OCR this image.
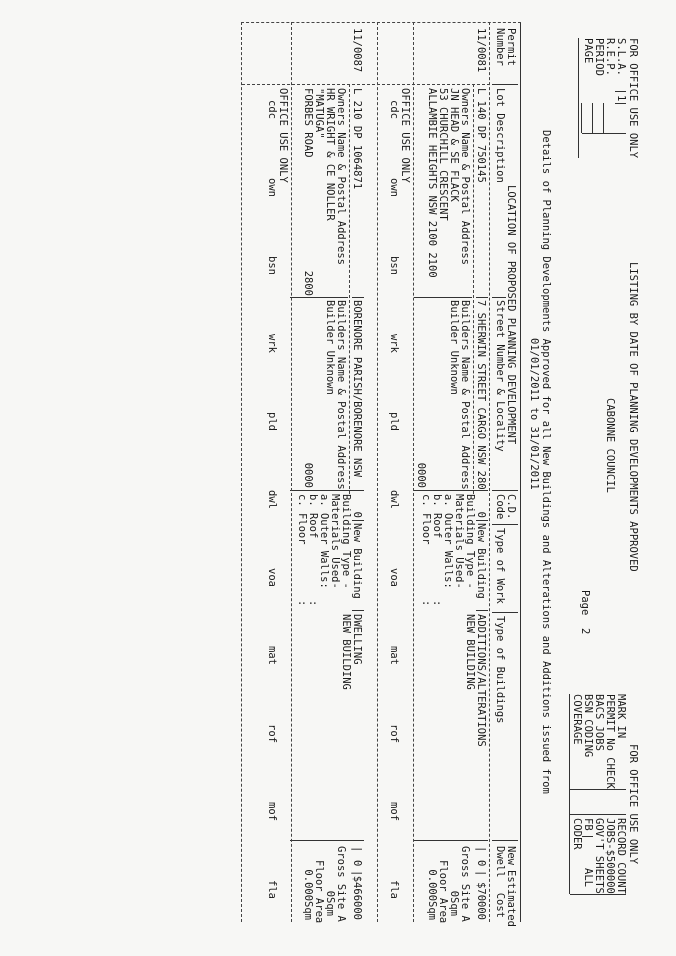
FOR OFFICE USE ONLY
S.L.A.
R.E.P.
PERIOD
PAGE
1
LISTING BY DATE OF PLANNING DEVELOPMENTS APPROVED
CABONNE COUNCIL
Page
2
Details of Planning Developments Approved for all New Buildings and Alterations and Additions issued from
01/01/2011 to 31/01/2011
FOR OFFICE USE ONLY
MARK IN
PERMIT No CHECK
BACS JOBS
BSN CODING
COVERAGE
RECORD COUNT
JOBS-$500000
GOV'T SHEETS
FB
ALL
CODER
Permit
Number
LOCATION OF PROPOSED PLANNING DEVELOPMENT
Lot Description
Street Number & Locality
C.D.
Code
Type of Work
Type of Buildings
New
Dwell
Estimated
Cost
11/0081
L 140 DP 750145
7 SHERWIN STREET CARGO NSW 280
Owners Name & Postal Address
JN HEAD & SE FLACK
53 CHURCHILL CRESCENT
ALLAMBIE HEIGHTS NSW 2100 2100
Builders Name & Postal Address
Builder Unknown
0000
0
New Building
Building Type -
NEW BUILDING ADDITIONS/ALTERATIONS
Materials Used-
a. Outer Walls:
b. Roof
c. Floor
:
:
|
0
|
$70000
Gross Site A
0Sqm
Floor Area
0.000Sqm
OFFICE USE ONLY
cdc
own
bsn
wrk
pld
dwl
voa
mat
rof
mof
fla
11/0087
L 210 DP 1064871
BORENORE PARISH/BORENORE NSW
Owners Name & Postal Address
HR WRIGHT & CE NOLLER
"MATUGA"
FORBES ROAD
2800
Builders Name & Postal Address
Builder Unknown
0000
0
New Building
Building Type -
NEW BUILDING DWELLING
Materials Used-
a. Outer Walls:
b. Roof
c. Floor
:
:
|
0
|
$466000
Gross Site A
0Sqm
Floor Area
0.000Sqm
OFFICE USE ONLY
cdc
own
bsn
wrk
pld
dwl
voa
mat
rof
mof
fla
